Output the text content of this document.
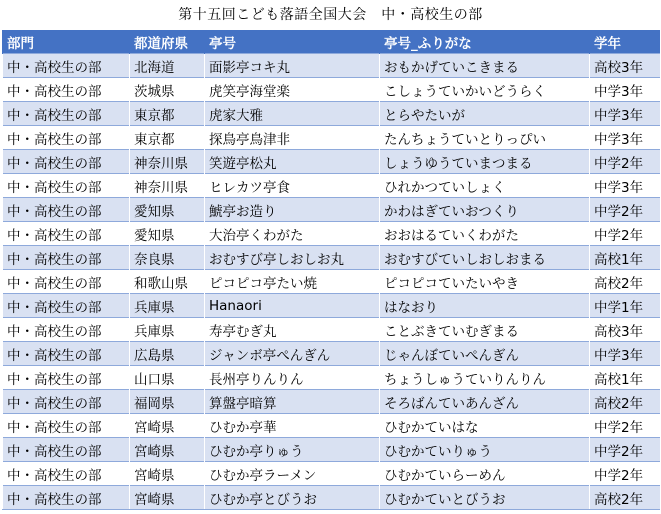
第十五回こども落語全国大会　中・高校生の部
部門	都道府県	亭号	亭号_ふりがな	学年
中・高校生の部	北海道	面影亭コキ丸	おもかげていこきまる	高校3年
中・高校生の部	茨城県	虎笑亭海堂楽	こしょうていかいどうらく	中学3年
中・高校生の部	東京都	虎家大雅	とらやたいが	中学3年
中・高校生の部	東京都	探鳥亭鳥津非	たんちょうていとりっぴい	中学3年
中・高校生の部	神奈川県	笑遊亭松丸	しょうゆうていまつまる	中学2年
中・高校生の部	神奈川県	ヒレカツ亭食	ひれかつていしょく	中学3年
中・高校生の部	愛知県	鯱亭お造り	かわはぎていおつくり	中学2年
中・高校生の部	愛知県	大治亭くわがた	おおはるていくわがた	中学2年
中・高校生の部	奈良県	おむすび亭しおしお丸	おむすびていしおしおまる	高校1年
中・高校生の部	和歌山県	ピコピコ亭たい焼	ピコピコていたいやき	高校2年
中・高校生の部	兵庫県	Hanaori	はなおり	中学1年
中・高校生の部	兵庫県	寿亭むぎ丸	ことぶきていむぎまる	高校3年
中・高校生の部	広島県	ジャンボ亭ぺんぎん	じゃんぼていぺんぎん	中学3年
中・高校生の部	山口県	長州亭りんりん	ちょうしゅうていりんりん	高校1年
中・高校生の部	福岡県	算盤亭暗算	そろばんていあんざん	高校2年
中・高校生の部	宮崎県	ひむか亭華	ひむかていはな	中学2年
中・高校生の部	宮崎県	ひむか亭りゅう	ひむかていりゅう	中学2年
中・高校生の部	宮崎県	ひむか亭ラーメン	ひむかていらーめん	中学2年
中・高校生の部	宮崎県	ひむか亭とびうお	ひむかていとびうお	高校2年
